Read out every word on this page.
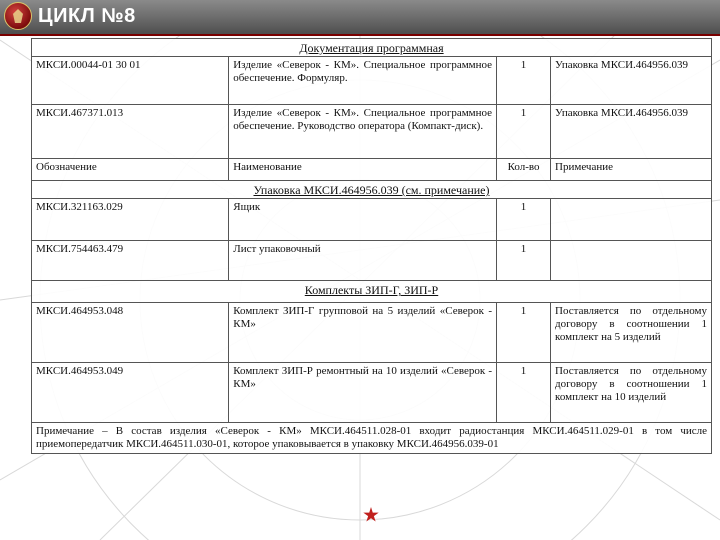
ЦИКЛ №8
Документация программная			
МКСИ.00044-01 30 01	Изделие «Северок - КМ». Специальное программное обеспечение. Формуляр.	1	Упаковка МКСИ.464956.039
МКСИ.467371.013	Изделие «Северок - КМ». Специальное программное обеспечение. Руководство оператора (Компакт-диск).	1	Упаковка МКСИ.464956.039
Обозначение	Наименование	Кол-во	Примечание
Упаковка МКСИ.464956.039 (см. примечание)			
МКСИ.321163.029	Ящик	1	
МКСИ.754463.479	Лист упаковочный	1	
Комплекты ЗИП-Г, ЗИП-Р			
МКСИ.464953.048	Комплект ЗИП-Г групповой на 5 изделий «Северок - КМ»	1	Поставляется по отдельному договору в соотношении 1 комплект на 5 изделий
МКСИ.464953.049	Комплект ЗИП-Р ремонтный на 10 изделий «Северок - КМ»	1	Поставляется по отдельному договору в соотношении 1 комплект на 10 изделий
Примечание – В состав изделия «Северок - КМ» МКСИ.464511.028-01 входит радиостанция МКСИ.464511.029-01 в том числе приемопередатчик МКСИ.464511.030-01, которое упаковывается в упаковку МКСИ.464956.039-01			
